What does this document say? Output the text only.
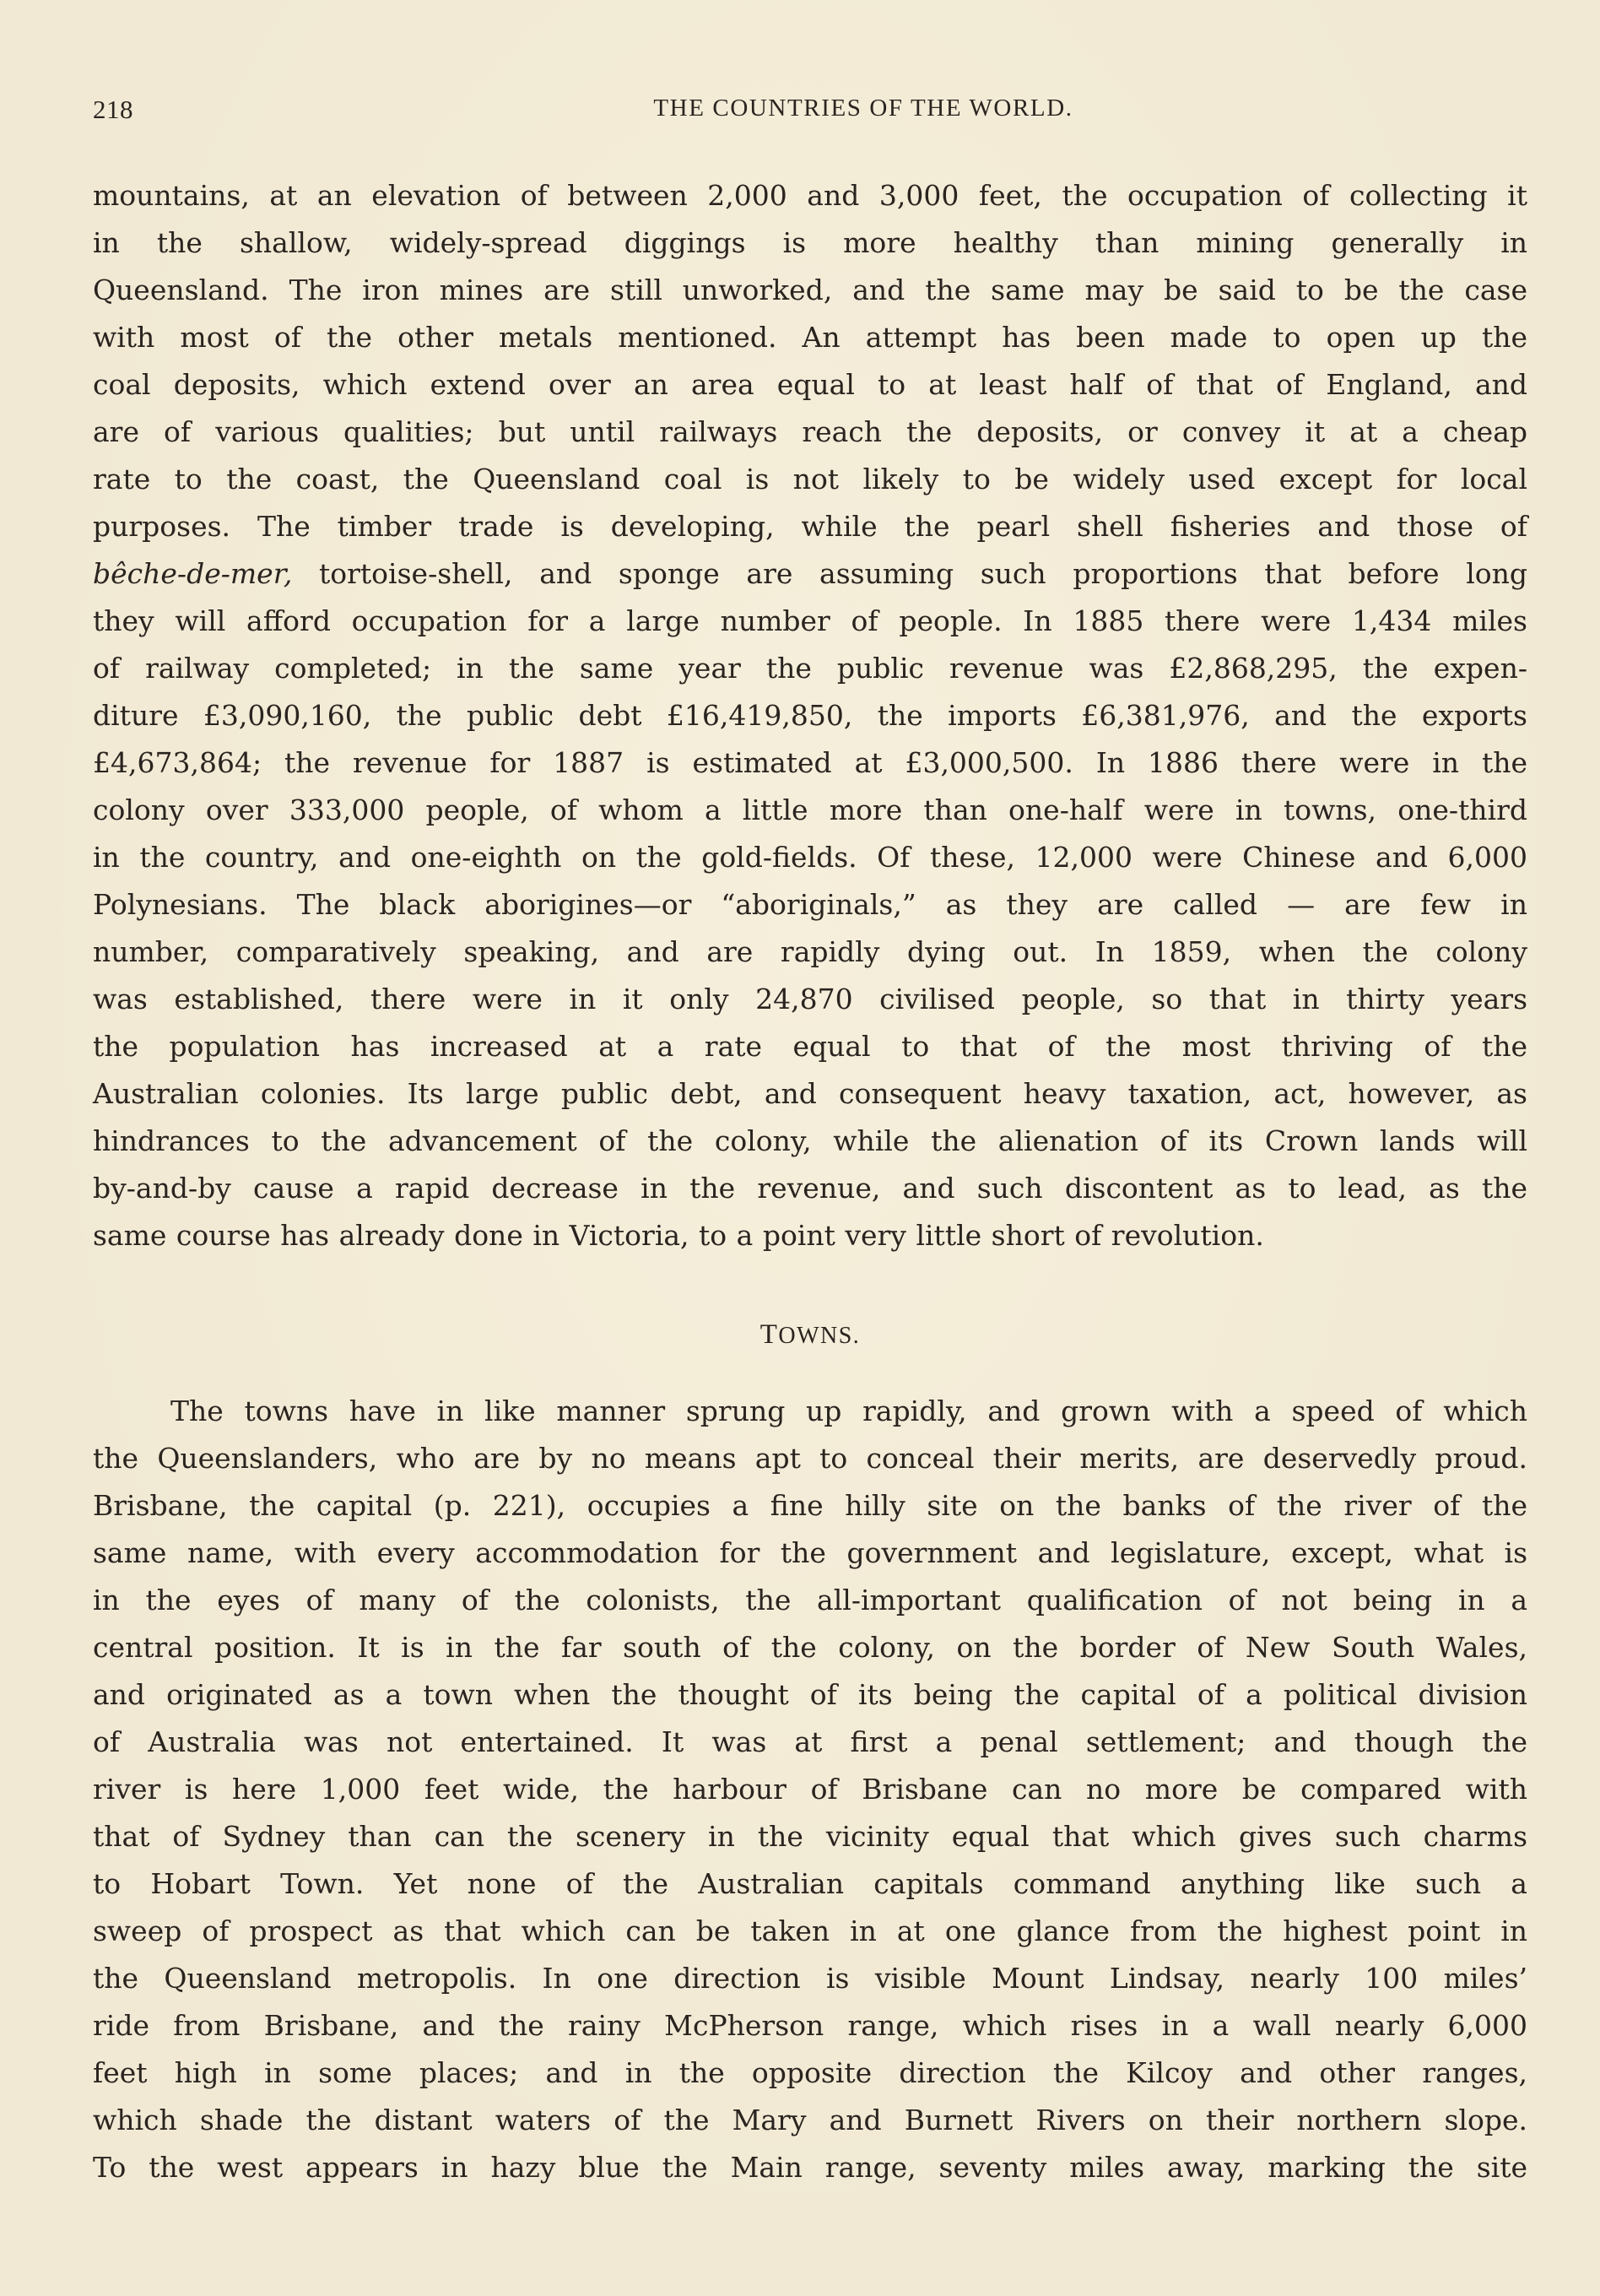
218	THE COUNTRIES OF THE WORLD.
mountains, at an elevation of between 2,000 and 3,000 feet, the occupation of collecting it
in the shallow, widely-spread diggings is more healthy than mining generally in
Queensland. The iron mines are still unworked, and the same may be said to be the case
with most of the other metals mentioned. An attempt has been made to open up the
coal deposits, which extend over an area equal to at least half of that of England, and
are of various qualities; but until railways reach the deposits, or convey it at a cheap
rate to the coast, the Queensland coal is not likely to be widely used except for local
purposes. The timber trade is developing, while the pearl shell fisheries and those of
bêche-de-mer, tortoise-shell, and sponge are assuming such proportions that before long
they will afford occupation for a large number of people. In 1885 there were 1,434 miles
of railway completed; in the same year the public revenue was £2,868,295, the expen-
diture £3,090,160, the public debt £16,419,850, the imports £6,381,976, and the exports
£4,673,864; the revenue for 1887 is estimated at £3,000,500. In 1886 there were in the
colony over 333,000 people, of whom a little more than one-half were in towns, one-third
in the country, and one-eighth on the gold-fields. Of these, 12,000 were Chinese and 6,000
Polynesians. The black aborigines—or “aboriginals,” as they are called — are few in
number, comparatively speaking, and are rapidly dying out. In 1859, when the colony
was established, there were in it only 24,870 civilised people, so that in thirty years
the population has increased at a rate equal to that of the most thriving of the
Australian colonies. Its large public debt, and consequent heavy taxation, act, however, as
hindrances to the advancement of the colony, while the alienation of its Crown lands will
by-and-by cause a rapid decrease in the revenue, and such discontent as to lead, as the
same course has already done in Victoria, to a point very little short of revolution.
TOWNS.
The towns have in like manner sprung up rapidly, and grown with a speed of which
the Queenslanders, who are by no means apt to conceal their merits, are deservedly proud.
Brisbane, the capital (p. 221), occupies a fine hilly site on the banks of the river of the
same name, with every accommodation for the government and legislature, except, what is
in the eyes of many of the colonists, the all-important qualification of not being in a
central position. It is in the far south of the colony, on the border of New South Wales,
and originated as a town when the thought of its being the capital of a political division
of Australia was not entertained. It was at first a penal settlement; and though the
river is here 1,000 feet wide, the harbour of Brisbane can no more be compared with
that of Sydney than can the scenery in the vicinity equal that which gives such charms
to Hobart Town. Yet none of the Australian capitals command anything like such a
sweep of prospect as that which can be taken in at one glance from the highest point in
the Queensland metropolis. In one direction is visible Mount Lindsay, nearly 100 miles’
ride from Brisbane, and the rainy McPherson range, which rises in a wall nearly 6,000
feet high in some places; and in the opposite direction the Kilcoy and other ranges,
which shade the distant waters of the Mary and Burnett Rivers on their northern slope.
To the west appears in hazy blue the Main range, seventy miles away, marking the site
